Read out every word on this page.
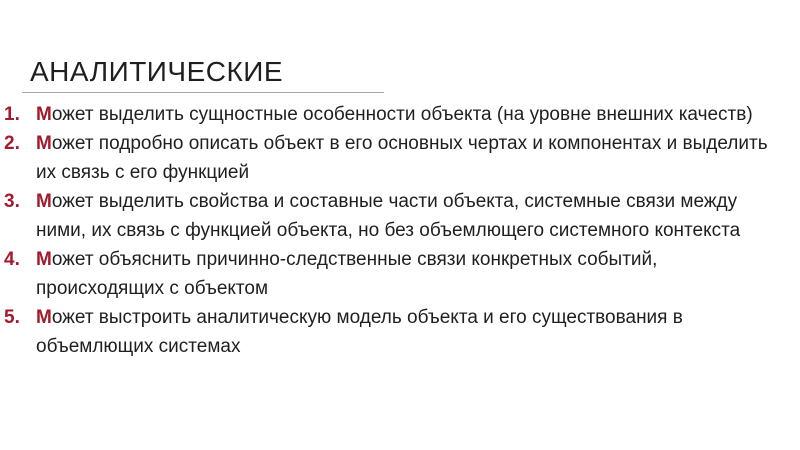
АНАЛИТИЧЕСКИЕ
1. Может выделить сущностные особенности объекта (на уровне внешних качеств)
2. Может подробно описать объект в его основных чертах и компонентах и выделить их связь с его функцией
3. Может выделить свойства и составные части объекта, системные связи между ними, их связь с функцией объекта, но без объемлющего системного контекста
4. Может объяснить причинно-следственные связи конкретных событий, происходящих с объектом
5. Может выстроить аналитическую модель объекта и его существования в объемлющих системах
